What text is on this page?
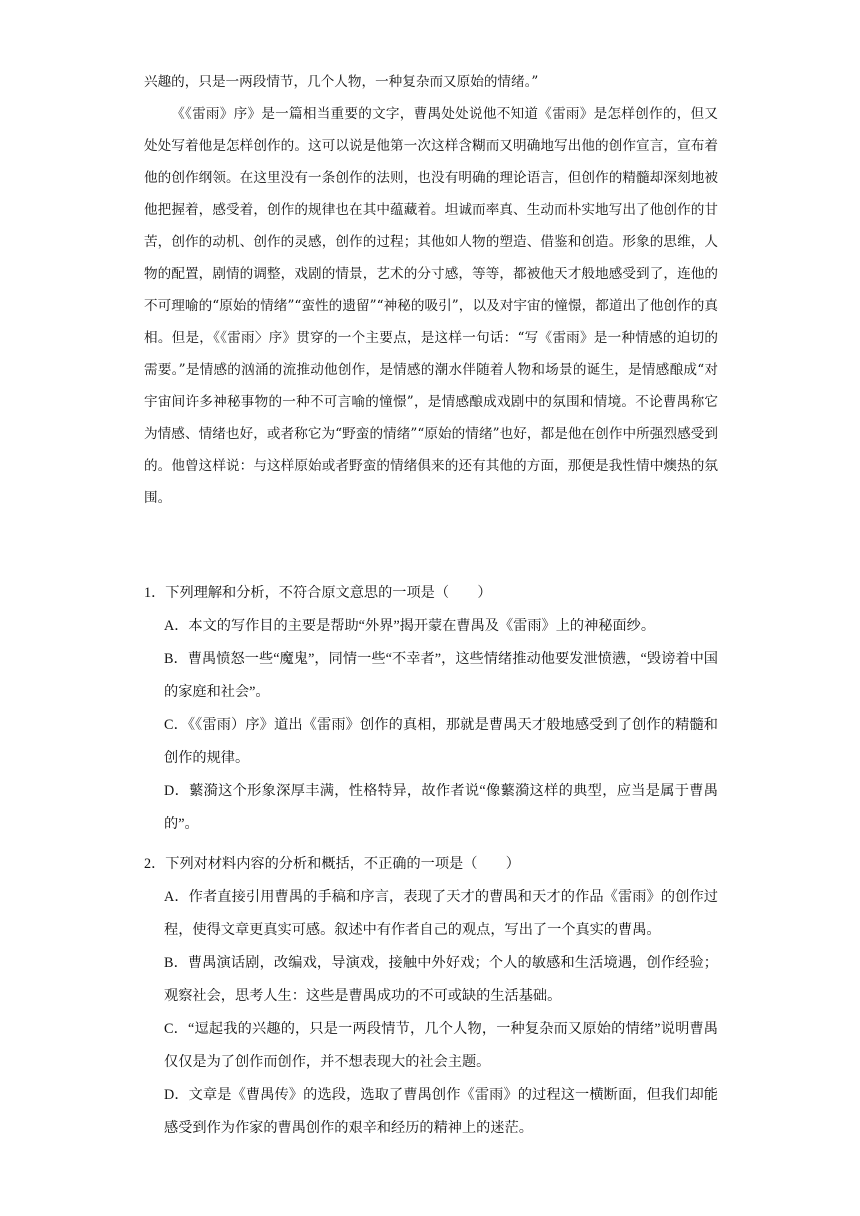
兴趣的，只是一两段情节，几个人物，一种复杂而又原始的情绪。”

《《雷雨》序》是一篇相当重要的文字，曹禺处处说他不知道《雷雨》是怎样创作的，但又处处写着他是怎样创作的。这可以说是他第一次这样含糊而又明确地写出他的创作宣言，宣布着他的创作纲领。在这里没有一条创作的法则，也没有明确的理论语言，但创作的精髓却深刻地被他把握着，感受着，创作的规律也在其中蕴藏着。坦诚而率真、生动而朴实地写出了他创作的甘苦，创作的动机、创作的灵感，创作的过程；其他如人物的塑造、借鉴和创造。形象的思维，人物的配置，剧情的调整，戏剧的情景，艺术的分寸感，等等，都被他天才般地感受到了，连他的不可理喻的“原始的情绪”“蛮性的遗留”“神秘的吸引”，以及对宇宙的憧憬，都道出了他创作的真相。但是，《《雷雨〉序》贯穿的一个主要点，是这样一句话：“写《雷雨》是一种情感的迫切的需要。”是情感的汹涌的流推动他创作，是情感的潮水伴随着人物和场景的诞生，是情感酿成“对宇宙间许多神秘事物的一种不可言喻的憧憬”，是情感酿成戏剧中的氛围和情境。不论曹禺称它为情感、情绪也好，或者称它为“野蛮的情绪”“原始的情绪”也好，都是他在创作中所强烈感受到的。他曾这样说：与这样原始或者野蛮的情绪俱来的还有其他的方面，那便是我性情中燠热的氛围。

1．下列理解和分析，不符合原文意思的一项是（　　）
A．本文的写作目的主要是帮助“外界”揭开蒙在曹禺及《雷雨》上的神秘面纱。
B．曹禺愤怒一些“魔鬼”，同情一些“不幸者”，这些情绪推动他要发泄愤懑，“毁谤着中国的家庭和社会”。
C．《《雷雨）序》道出《雷雨》创作的真相，那就是曹禺天才般地感受到了创作的精髓和创作的规律。
D．蘩漪这个形象深厚丰满，性格特异，故作者说“像蘩漪这样的典型，应当是属于曹禺的”。
2．下列对材料内容的分析和概括，不正确的一项是（　　）
A．作者直接引用曹禺的手稿和序言，表现了天才的曹禺和天才的作品《雷雨》的创作过程，使得文章更真实可感。叙述中有作者自己的观点，写出了一个真实的曹禺。
B．曹禺演话剧，改编戏，导演戏，接触中外好戏；个人的敏感和生活境遇，创作经验；观察社会，思考人生：这些是曹禺成功的不可或缺的生活基础。
C．“逗起我的兴趣的，只是一两段情节，几个人物，一种复杂而又原始的情绪”说明曹禺仅仅是为了创作而创作，并不想表现大的社会主题。
D．文章是《曹禺传》的选段，选取了曹禺创作《雷雨》的过程这一横断面，但我们却能感受到作为作家的曹禺创作的艰辛和经历的精神上的迷茫。
